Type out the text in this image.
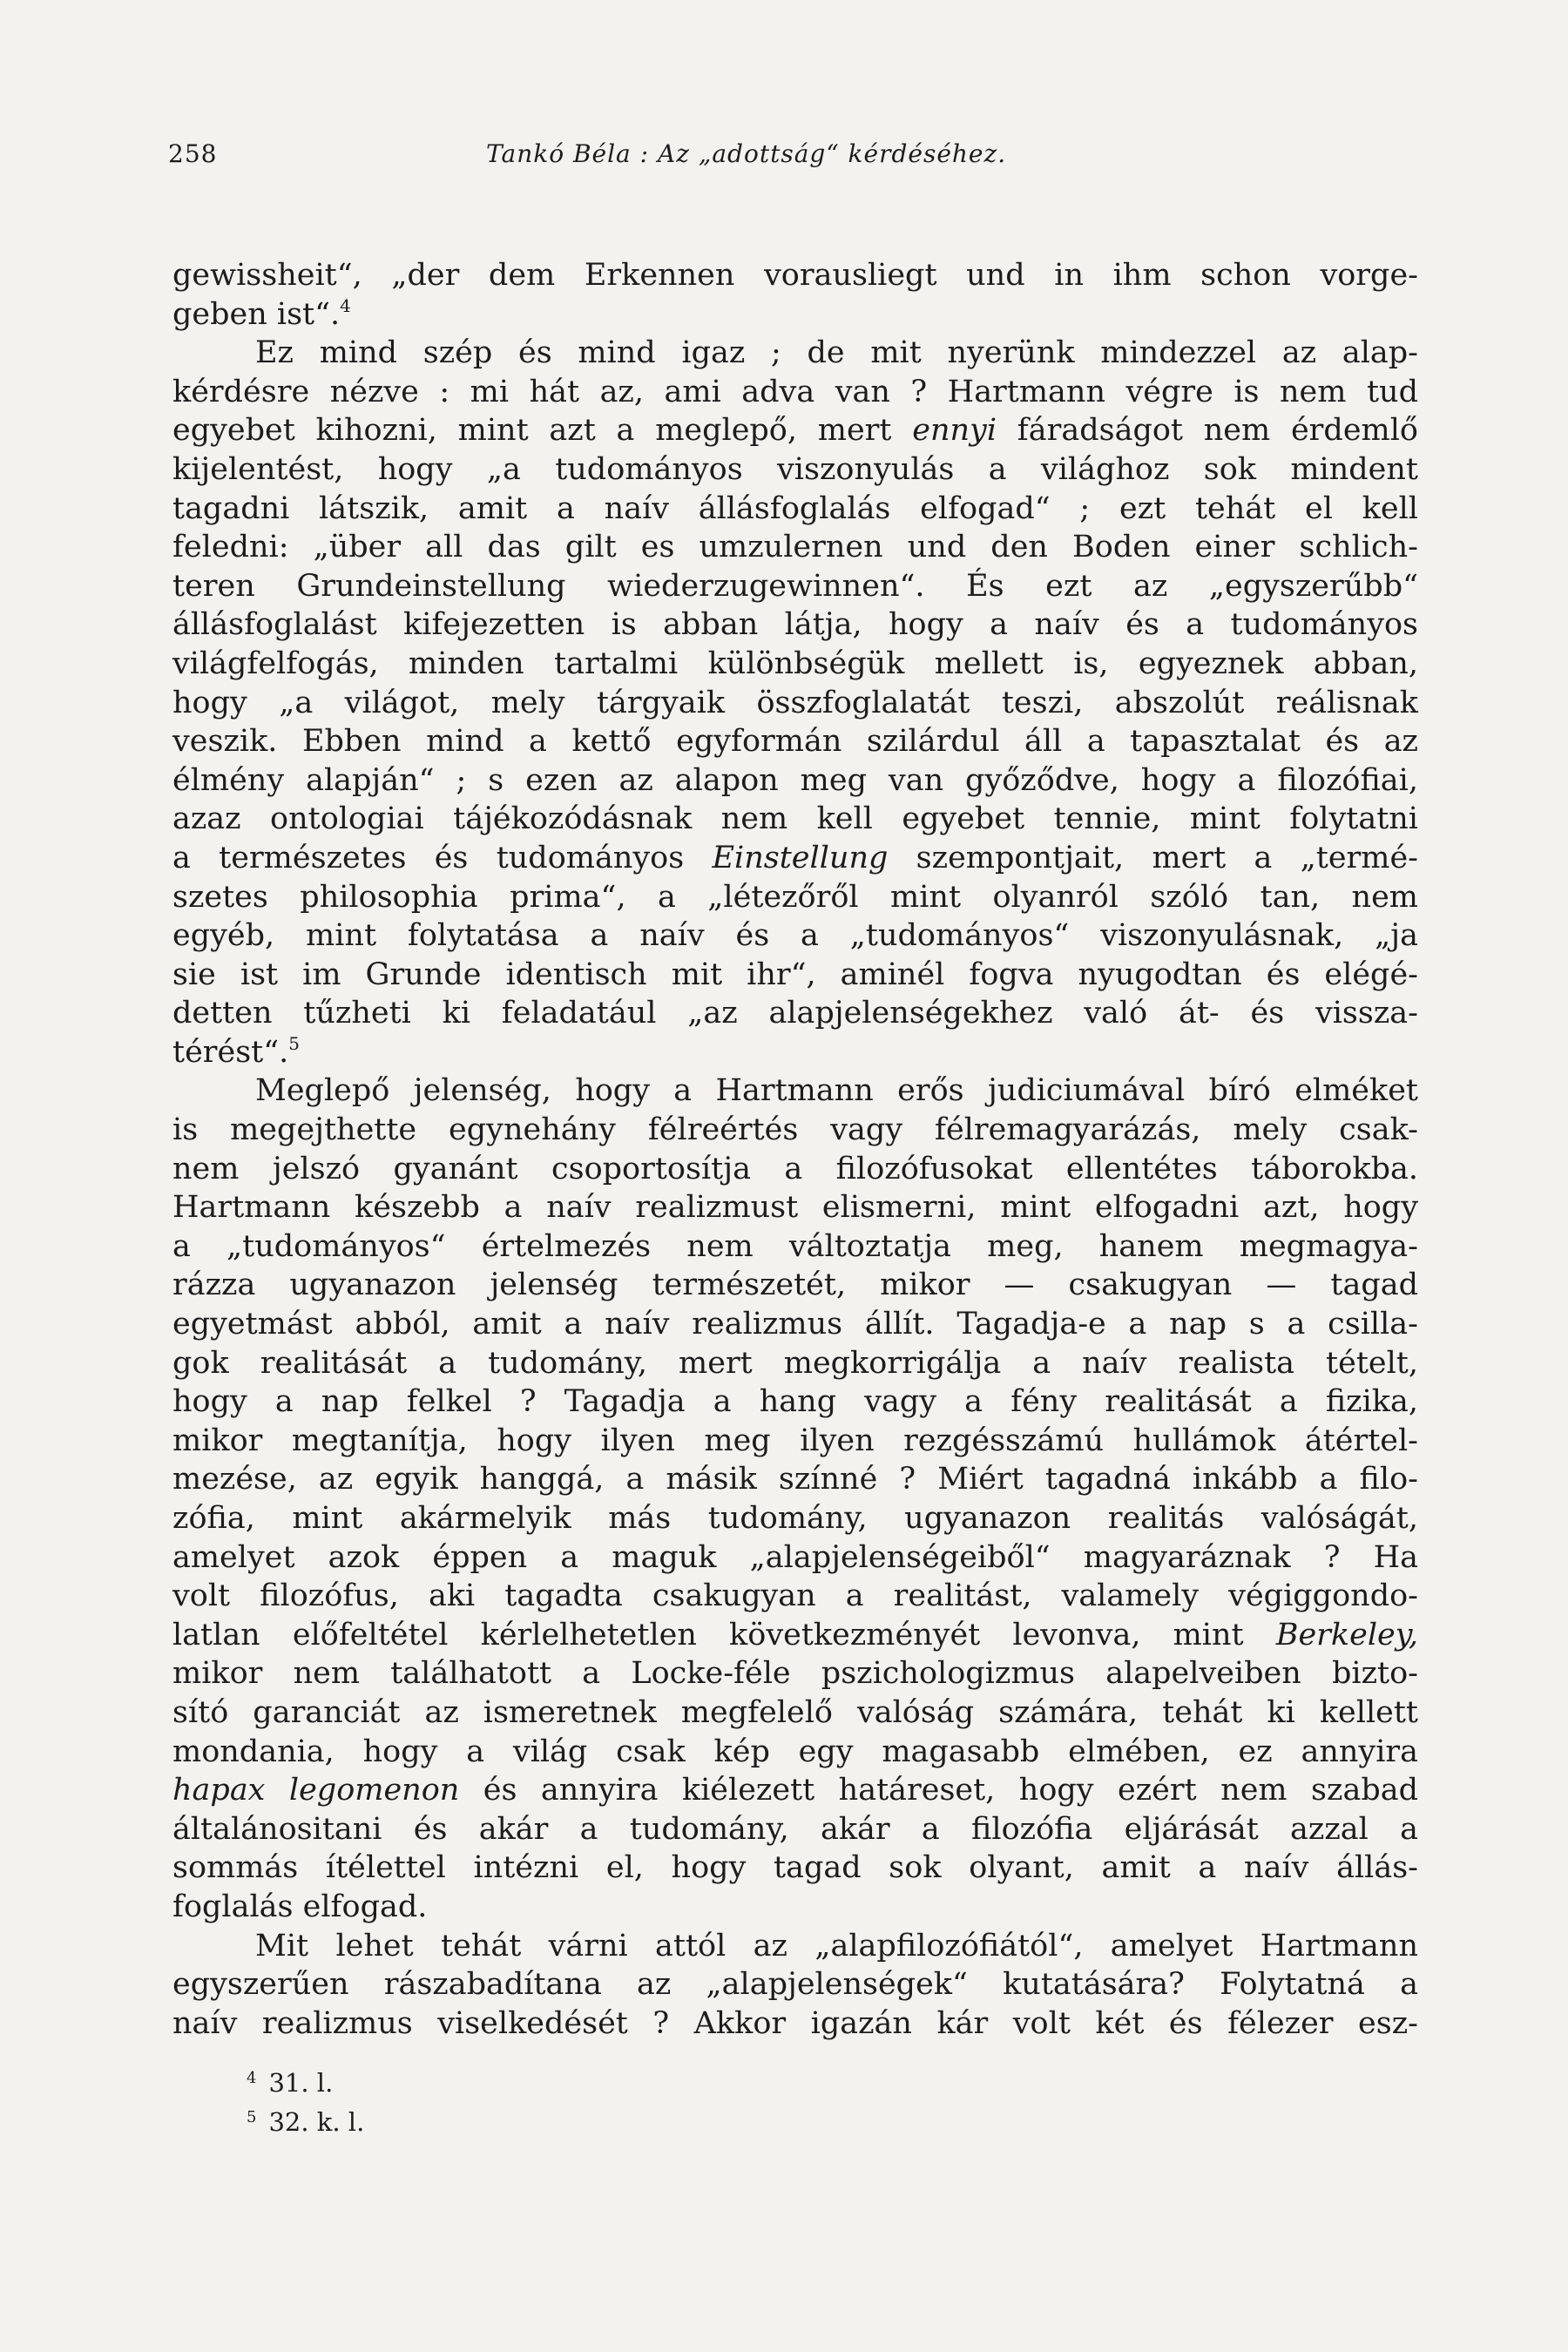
258	Tankó Béla : Az „adottság“ kérdéséhez.
gewissheit“, „der dem Erkennen vorausliegt und in ihm schon vorge-
geben ist“.$^4$
Ez mind szép és mind igaz ; de mit nyerünk mindezzel az alap-
kérdésre nézve : mi hát az, ami adva van ? Hartmann végre is nem tud
egyebet kihozni, mint azt a meglepő, mert ennyi fáradságot nem érdemlő
kijelentést, hogy „a tudományos viszonyulás a világhoz sok mindent
tagadni látszik, amit a naív állásfoglalás elfogad“ ; ezt tehát el kell
feledni: „über all das gilt es umzulernen und den Boden einer schlich-
teren Grundeinstellung wiederzugewinnen“. És ezt az „egyszerűbb“
állásfoglalást kifejezetten is abban látja, hogy a naív és a tudományos
világfelfogás, minden tartalmi különbségük mellett is, egyeznek abban,
hogy „a világot, mely tárgyaik összfoglalatát teszi, abszolút reálisnak
veszik. Ebben mind a kettő egyformán szilárdul áll a tapasztalat és az
élmény alapján“ ; s ezen az alapon meg van győződve, hogy a filozófiai,
azaz ontologiai tájékozódásnak nem kell egyebet tennie, mint folytatni
a természetes és tudományos Einstellung szempontjait, mert a „termé-
szetes philosophia prima“, a „létezőről mint olyanról szóló tan, nem
egyéb, mint folytatása a naív és a „tudományos“ viszonyulásnak, „ja
sie ist im Grunde identisch mit ihr“, aminél fogva nyugodtan és elégé-
detten tűzheti ki feladatául „az alapjelenségekhez való át- és vissza-
térést“.$^5$
Meglepő jelenség, hogy a Hartmann erős judiciumával bíró elméket
is megejthette egynehány félreértés vagy félremagyarázás, mely csak-
nem jelszó gyanánt csoportosítja a filozófusokat ellentétes táborokba.
Hartmann készebb a naív realizmust elismerni, mint elfogadni azt, hogy
a „tudományos“ értelmezés nem változtatja meg, hanem megmagya-
rázza ugyanazon jelenség természetét, mikor — csakugyan — tagad
egyetmást abból, amit a naív realizmus állít. Tagadja-e a nap s a csilla-
gok realitását a tudomány, mert megkorrigálja a naív realista tételt,
hogy a nap felkel ? Tagadja a hang vagy a fény realitását a fizika,
mikor megtanítja, hogy ilyen meg ilyen rezgésszámú hullámok átértel-
mezése, az egyik hanggá, a másik színné ? Miért tagadná inkább a filo-
zófia, mint akármelyik más tudomány, ugyanazon realitás valóságát,
amelyet azok éppen a maguk „alapjelenségeiből“ magyaráznak ? Ha
volt filozófus, aki tagadta csakugyan a realitást, valamely végiggondo-
latlan előfeltétel kérlelhetetlen következményét levonva, mint Berkeley,
mikor nem találhatott a Locke-féle pszichologizmus alapelveiben bizto-
sító garanciát az ismeretnek megfelelő valóság számára, tehát ki kellett
mondania, hogy a világ csak kép egy magasabb elmében, ez annyira
hapax legomenon és annyira kiélezett határeset, hogy ezért nem szabad
általánositani és akár a tudomány, akár a filozófia eljárását azzal a
sommás ítélettel intézni el, hogy tagad sok olyant, amit a naív állás-
foglalás elfogad.
Mit lehet tehát várni attól az „alapfilozófiától“, amelyet Hartmann
egyszerűen rászabadítana az „alapjelenségek“ kutatására? Folytatná a
naív realizmus viselkedését ? Akkor igazán kár volt két és félezer esz-
$^4$ 31. l.
$^5$ 32. k. l.
